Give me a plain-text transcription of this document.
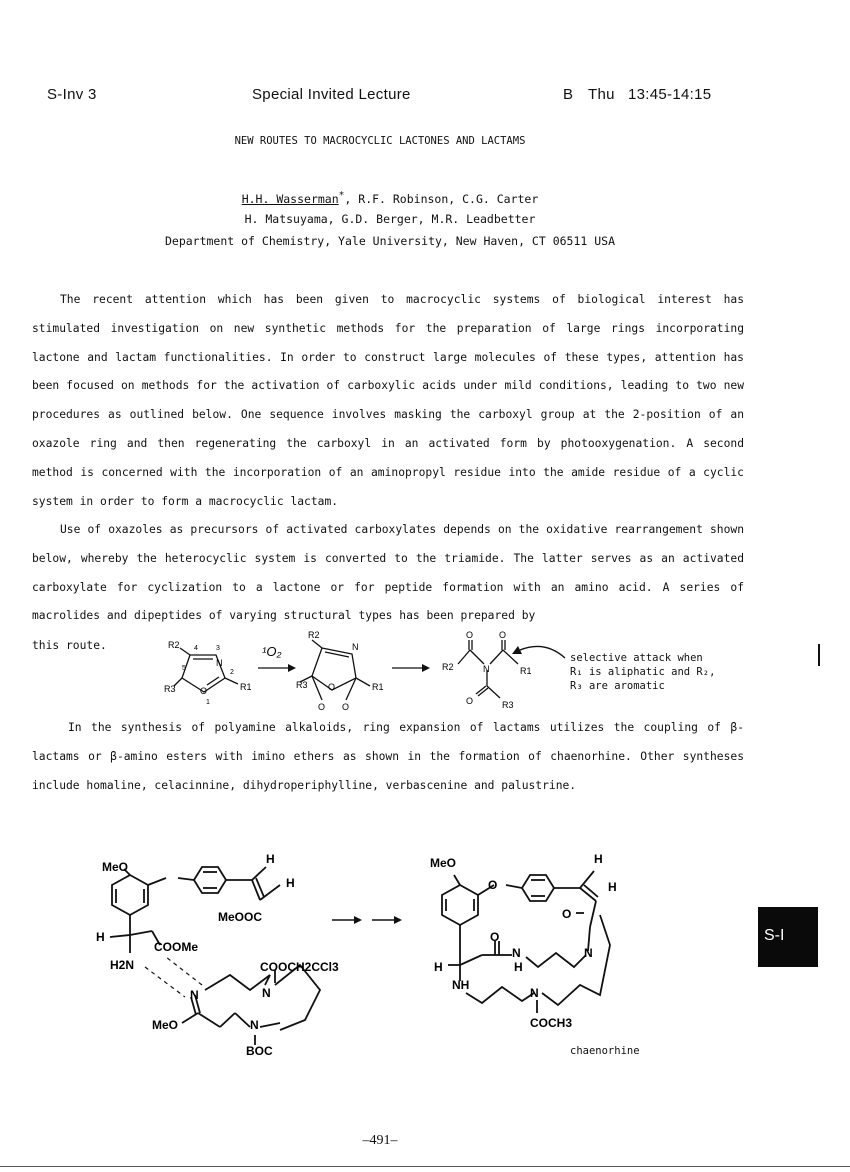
S-Inv 3	Special Invited Lecture	B Thu 13:45-14:15
NEW ROUTES TO MACROCYCLIC LACTONES AND LACTAMS
H.H. Wasserman*, R.F. Robinson, C.G. Carter
H. Matsuyama, G.D. Berger, M.R. Leadbetter
Department of Chemistry, Yale University, New Haven, CT 06511 USA

The recent attention which has been given to macrocyclic systems of biological interest has stimulated investigation on new synthetic methods for the preparation of large rings incorporating lactone and lactam functionalities. In order to construct large molecules of these types, attention has been focused on methods for the activation of carboxylic acids under mild conditions, leading to two new procedures as outlined below. One sequence involves masking the carboxyl group at the 2-position of an oxazole ring and then regenerating the carboxyl in an activated form by photooxygenation. A second method is concerned with the incorporation of an aminopropyl residue into the amide residue of a cyclic system in order to form a macrocyclic lactam.

Use of oxazoles as precursors of activated carboxylates depends on the oxidative rearrangement shown below, whereby the heterocyclic system is converted to the triamide. The latter serves as an activated carboxylate for cyclization to a lactone or for peptide formation with an amino acid. A series of macrolides and dipeptides of varying structural types has been prepared by

this route.	R2 4	3
N
5
2
R3	R1
O
1
¹O₂
R2
N
R3 O	R1
O O
R2
O	O
N	R1
O	R3
selective attack when
R₁ is aliphatic and R₂,
R₃ are aromatic

In the synthesis of polyamine alkaloids, ring expansion of lactams utilizes the coupling of β-lactams or β-amino esters with imino ethers as shown in the formation of chaenorhine. Other syntheses include homaline, celacinnine, dihydroperiphylline, verbascenine and palustrine.

MeO
H
H
MeOOC
H
COOMe
H2N	COOCH2CCl3
N	N
MeO	N
BOC
MeO	H
H
O
O
O
N
H
N
H
NH
N
COCH3
chaenorhine
S-I
–491–
